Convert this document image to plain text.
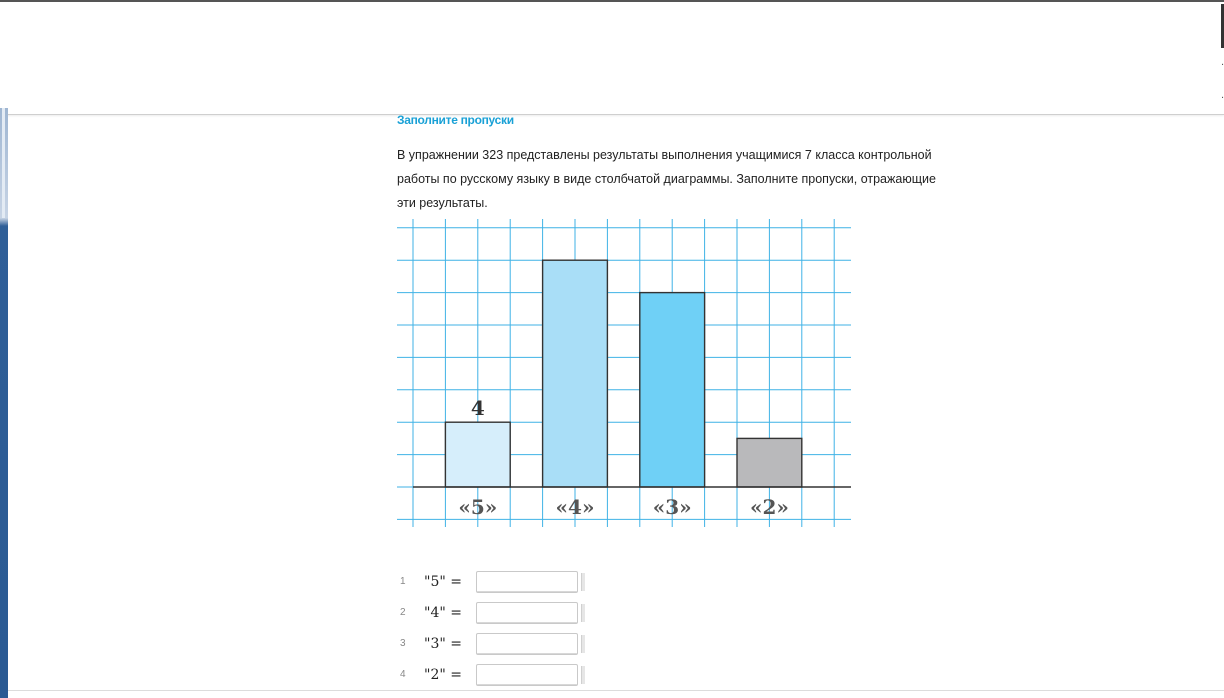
.
.
Заполните пропуски
В упражнении 323 представлены результаты выполнения учащимися 7 класса контрольной работы по русскому языку в виде столбчатой диаграммы. Заполните пропуски, отражающие эти результаты.
«5»
4
«4»	«3»	«2»
1	"5" =
2	"4" =
3	"3" =
4	"2" =
